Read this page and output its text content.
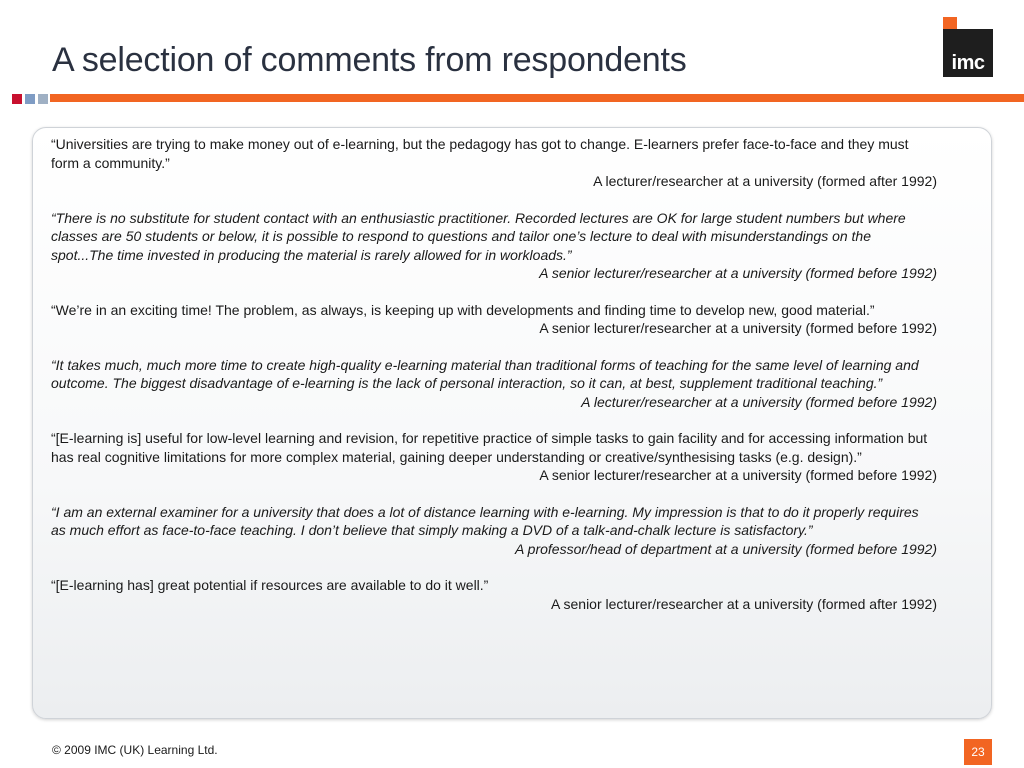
A selection of comments from respondents	imc

“Universities are trying to make money out of e-learning, but the pedagogy has got to change. E-learners prefer face-to-face and they must form a community.”

A lecturer/researcher at a university (formed after 1992)

“There is no substitute for student contact with an enthusiastic practitioner. Recorded lectures are OK for large student numbers but where classes are 50 students or below, it is possible to respond to questions and tailor one’s lecture to deal with misunderstandings on the spot...The time invested in producing the material is rarely allowed for in workloads.”

A senior lecturer/researcher at a university (formed before 1992)

“We’re in an exciting time! The problem, as always, is keeping up with developments and finding time to develop new, good material.”

A senior lecturer/researcher at a university (formed before 1992)

“It takes much, much more time to create high-quality e-learning material than traditional forms of teaching for the same level of learning and outcome. The biggest disadvantage of e-learning is the lack of personal interaction, so it can, at best, supplement traditional teaching.”

A lecturer/researcher at a university (formed before 1992)

“[E-learning is] useful for low-level learning and revision, for repetitive practice of simple tasks to gain facility and for accessing information but has real cognitive limitations for more complex material, gaining deeper understanding or creative/synthesising tasks (e.g. design).”

A senior lecturer/researcher at a university (formed before 1992)

“I am an external examiner for a university that does a lot of distance learning with e-learning. My impression is that to do it properly requires as much effort as face-to-face teaching. I don’t believe that simply making a DVD of a talk-and-chalk lecture is satisfactory.”

A professor/head of department at a university (formed before 1992)

“[E-learning has] great potential if resources are available to do it well.”

A senior lecturer/researcher at a university (formed after 1992)

© 2009 IMC (UK) Learning Ltd.	23
